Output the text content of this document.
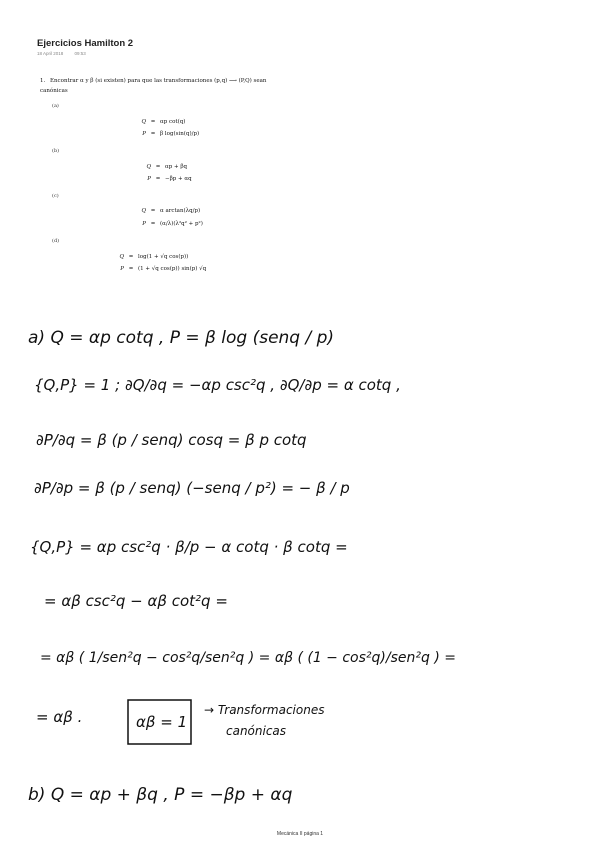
Ejercicios Hamilton 2
18 April 2018	09:53
1. Encontrar α y β (si existen) para que las transformaciones (p,q) ⟶ (P,Q) sean canónicas
(a)
Q = αp cot(q)
P = β log(sin(q)/p)
(b)
Q = αp + βq
P = −βp + αq
(c)
Q = α arctan(λq/p)
P = (α/λ)(λ²q² + p²)
(d)
Q = log(1 + √q cos(p))
P = (1 + √q cos(p)) sin(p) √q
a) Q = αp cotq , P = β log (senq / p)
{Q,P} = 1 ; ∂Q/∂q = −αp csc²q , ∂Q/∂p = α cotq ,
∂P/∂q = β (p / senq) cosq = β p cotq
∂P/∂p = β (p / senq) (−senq / p²) = − β / p
{Q,P} = αp csc²q · β/p − α cotq · β cotq =
= αβ csc²q − αβ cot²q =
= αβ ( 1/sen²q − cos²q/sen²q ) = αβ ( (1 − cos²q)/sen²q ) =
= αβ .	αβ = 1
→ Transformaciones
canónicas
b) Q = αp + βq , P = −βp + αq
Mecánica II página 1
